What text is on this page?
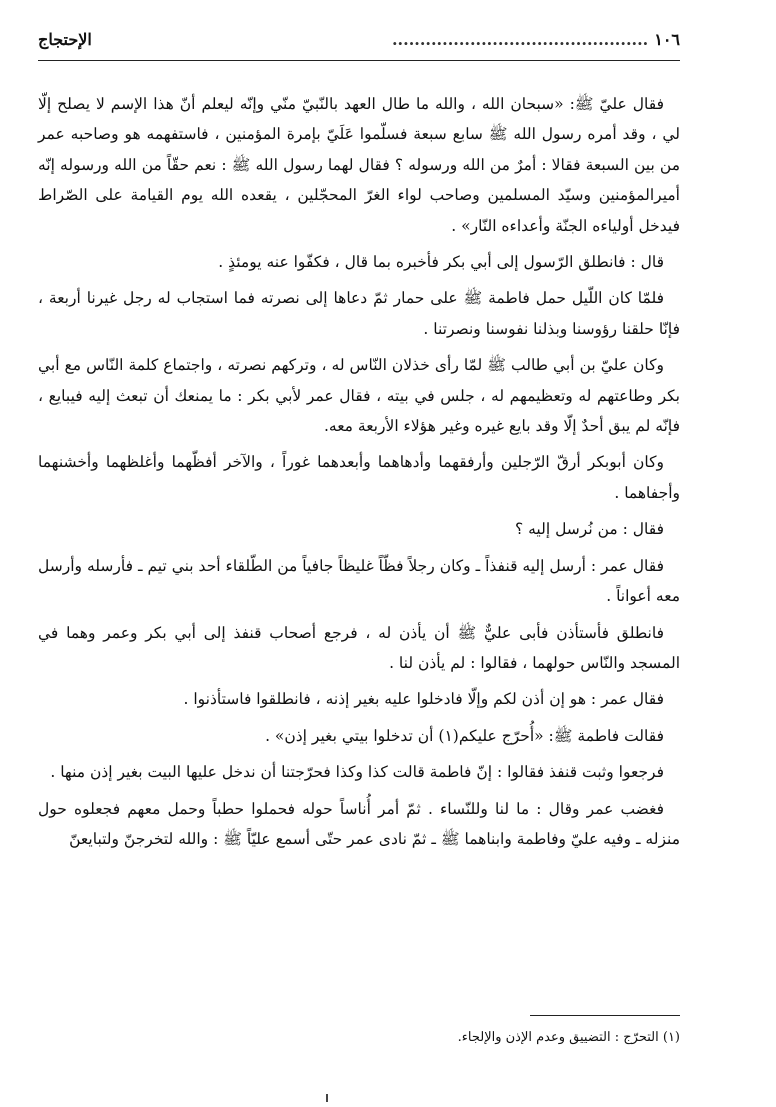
١٠٦
..............................................
الإحتجاج

فقال عليّ ﷺ: «سبحان الله ، والله ما طال العهد بالنّبيّ منّي وإنّه ليعلم أنّ هذا الإسم لا يصلح إلّا لي ، وقد أمره رسول الله ﷺ سابع سبعة فسلّموا عَلَيّ بإمرة المؤمنين ، فاستفهمه هو وصاحبه عمر من بين السبعة فقالا : أمرٌ من الله ورسوله ؟ فقال لهما رسول الله ﷺ : نعم حقّاً من الله ورسوله إنّه أميرالمؤمنين وسيّد المسلمين وصاحب لواء الغرّ المحجّلين ، يقعده الله يوم القيامة على الصّراط فيدخل أولياءه الجنّة وأعداءه النّار» .

قال : فانطلق الرّسول إلى أبي بكر فأخبره بما قال ، فكفّوا عنه يومئذٍ .

فلمّا كان اللّيل حمل فاطمة ﷺ على حمار ثمّ دعاها إلى نصرته فما استجاب له رجل غيرنا أربعة ، فإنّا حلقنا رؤوسنا وبذلنا نفوسنا ونصرتنا .

وكان عليّ بن أبي طالب ﷺ لمّا رأى خذلان النّاس له ، وتركهم نصرته ، واجتماع كلمة النّاس مع أبي بكر وطاعتهم له وتعظيمهم له ، جلس في بيته ، فقال عمر لأبي بكر : ما يمنعك أن تبعث إليه فيبايع ، فإنّه لم يبق أحدٌ إلّا وقد بايع غيره وغير هؤلاء الأربعة معه.

وكان أبوبكر أرقّ الرّجلين وأرفقهما وأدهاهما وأبعدهما غوراً ، والآخر أفظّهما وأغلظهما وأخشنهما وأجفاهما .

فقال : من نُرسل إليه ؟

فقال عمر : أرسل إليه قنفذاً ـ وكان رجلاً فظّاً غليظاً جافياً من الطّلقاء أحد بني تيم ـ فأرسله وأرسل معه أعواناً .

فانطلق فأستأذن فأبى عليٌّ ﷺ أن يأذن له ، فرجع أصحاب قنفذ إلى أبي بكر وعمر وهما في المسجد والنّاس حولهما ، فقالوا : لم يأذن لنا .

فقال عمر : هو إن أذن لكم وإلّا فادخلوا عليه بغير إذنه ، فانطلقوا فاستأذنوا .

فقالت فاطمة ﷺ: «أُحرّج عليكم(١) أن تدخلوا بيتي بغير إذن» .

فرجعوا وثبت قنفذ فقالوا : إنّ فاطمة قالت كذا وكذا فحرّجتنا أن ندخل عليها البيت بغير إذن منها .

فغضب عمر وقال : ما لنا وللنّساء . ثمّ أمر أُناساً حوله فحملوا حطباً وحمل معهم فجعلوه حول منزله ـ وفيه عليّ وفاطمة وابناهما ﷺ ـ ثمّ نادى عمر حتّى أسمع عليّاً ﷺ : والله لتخرجنّ ولتبايعنّ

(١) التحرّج : التضييق وعدم الإذن والإلجاء.
